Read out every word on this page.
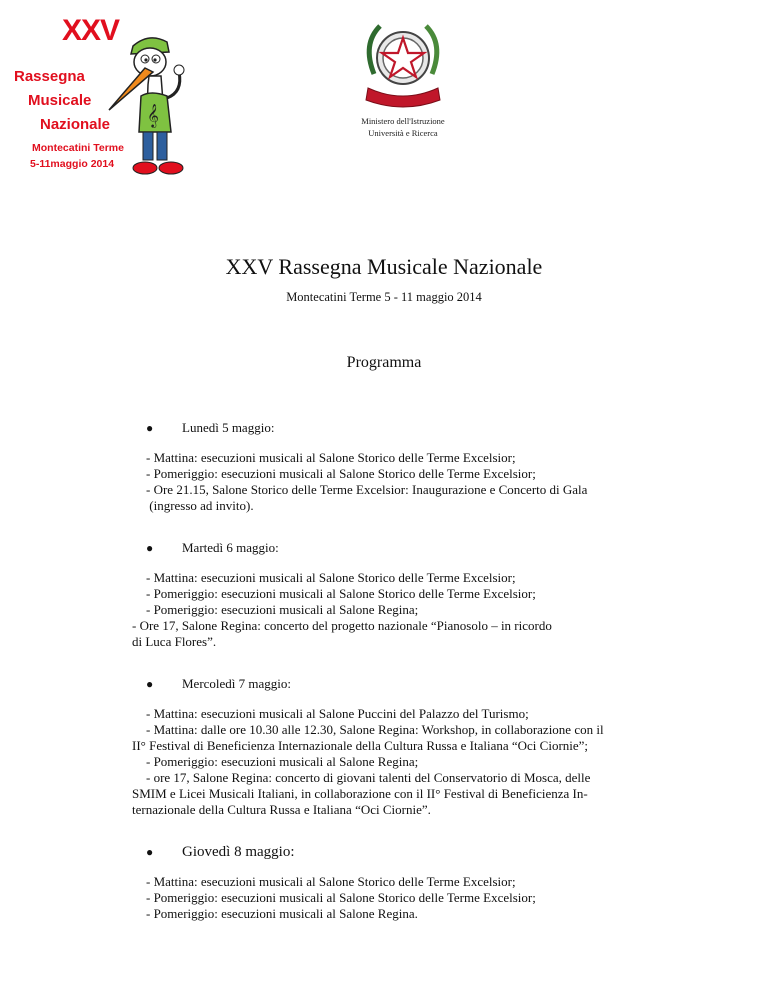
XXV
Rassegna
Musicale
Nazionale
Montecatini Terme
5-11maggio 2014
𝄞	Ministero dell'Istruzione
Università e Ricerca
XXV Rassegna Musicale Nazionale
Montecatini Terme 5 - 11 maggio 2014
Programma
● Lunedì 5 maggio:
- Mattina: esecuzioni musicali al Salone Storico delle Terme Excelsior;
- Pomeriggio: esecuzioni musicali al Salone Storico delle Terme Excelsior;
- Ore 21.15, Salone Storico delle Terme Excelsior: Inaugurazione e Concerto di Gala
(ingresso ad invito).
● Martedì 6 maggio:
- Mattina: esecuzioni musicali al Salone Storico delle Terme Excelsior;
- Pomeriggio: esecuzioni musicali al Salone Storico delle Terme Excelsior;
- Pomeriggio: esecuzioni musicali al Salone Regina;
- Ore 17, Salone Regina: concerto del progetto nazionale “Pianosolo – in ricordo
di Luca Flores”.
● Mercoledì 7 maggio:
- Mattina: esecuzioni musicali al Salone Puccini del Palazzo del Turismo;
- Mattina: dalle ore 10.30 alle 12.30, Salone Regina: Workshop, in collaborazione con il
II° Festival di Beneficienza Internazionale della Cultura Russa e Italiana “Oci Ciornie”;
- Pomeriggio: esecuzioni musicali al Salone Regina;
- ore 17, Salone Regina: concerto di giovani talenti del Conservatorio di Mosca, delle
SMIM e Licei Musicali Italiani, in collaborazione con il II° Festival di Beneficienza In-
ternazionale della Cultura Russa e Italiana “Oci Ciornie”.
● Giovedì 8 maggio:
- Mattina: esecuzioni musicali al Salone Storico delle Terme Excelsior;
- Pomeriggio: esecuzioni musicali al Salone Storico delle Terme Excelsior;
- Pomeriggio: esecuzioni musicali al Salone Regina.
